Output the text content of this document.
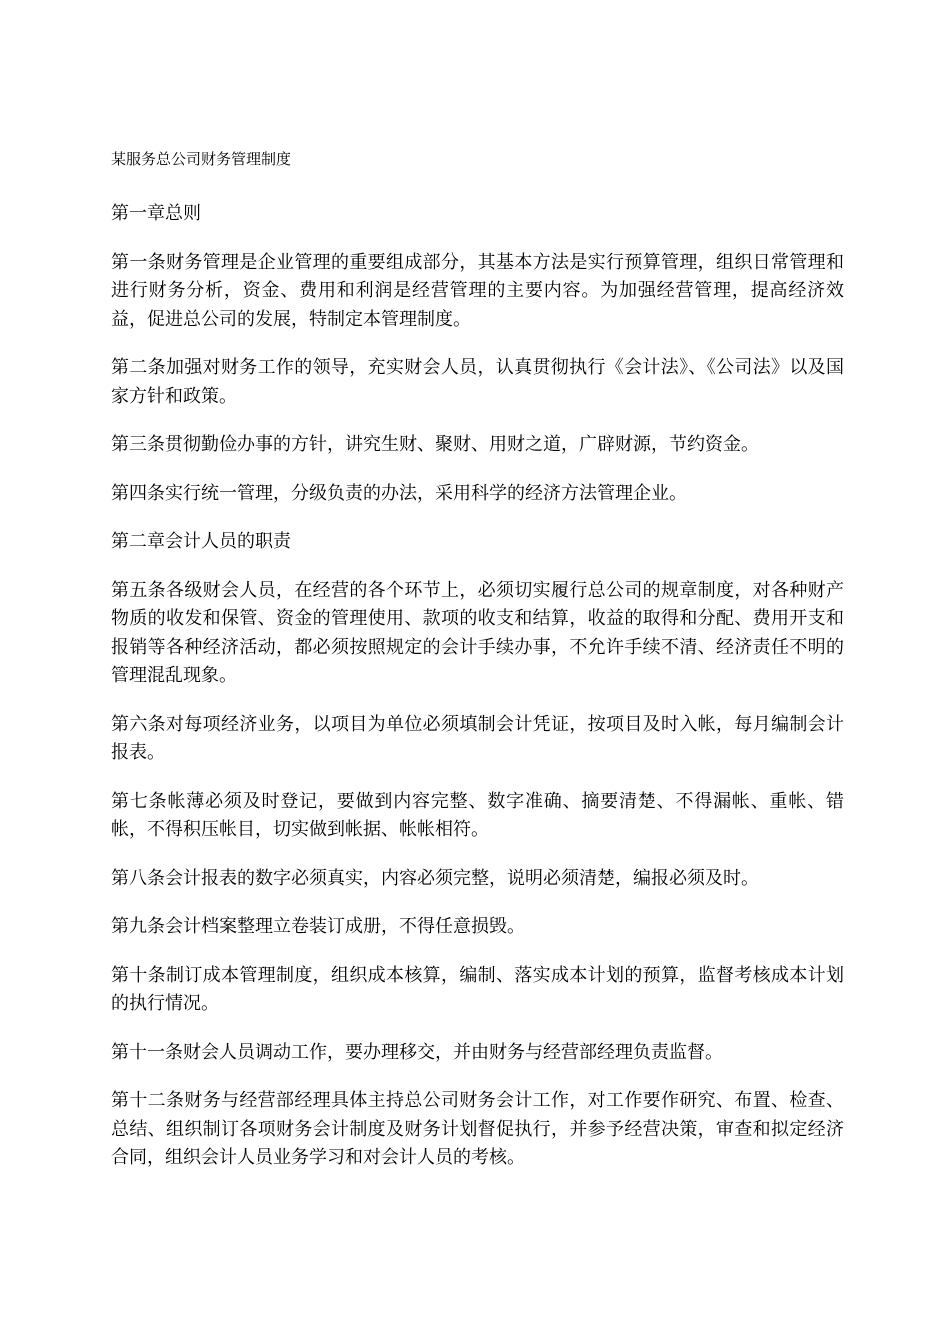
某服务总公司财务管理制度

第一章总则

第一条财务管理是企业管理的重要组成部分，其基本方法是实行预算管理，组织日常管理和进行财务分析，资金、费用和利润是经营管理的主要内容。为加强经营管理，提高经济效益，促进总公司的发展，特制定本管理制度。

第二条加强对财务工作的领导，充实财会人员，认真贯彻执行《会计法》、《公司法》以及国家方针和政策。

第三条贯彻勤俭办事的方针，讲究生财、聚财、用财之道，广辟财源，节约资金。

第四条实行统一管理，分级负责的办法，采用科学的经济方法管理企业。

第二章会计人员的职责

第五条各级财会人员，在经营的各个环节上，必须切实履行总公司的规章制度，对各种财产物质的收发和保管、资金的管理使用、款项的收支和结算，收益的取得和分配、费用开支和报销等各种经济活动，都必须按照规定的会计手续办事，不允许手续不清、经济责任不明的管理混乱现象。

第六条对每项经济业务，以项目为单位必须填制会计凭证，按项目及时入帐，每月编制会计报表。

第七条帐薄必须及时登记，要做到内容完整、数字准确、摘要清楚、不得漏帐、重帐、错帐，不得积压帐目，切实做到帐据、帐帐相符。

第八条会计报表的数字必须真实，内容必须完整，说明必须清楚，编报必须及时。

第九条会计档案整理立卷装订成册，不得任意损毁。

第十条制订成本管理制度，组织成本核算，编制、落实成本计划的预算，监督考核成本计划的执行情况。

第十一条财会人员调动工作，要办理移交，并由财务与经营部经理负责监督。

第十二条财务与经营部经理具体主持总公司财务会计工作，对工作要作研究、布置、检查、总结、组织制订各项财务会计制度及财务计划督促执行，并参予经营决策，审查和拟定经济合同，组织会计人员业务学习和对会计人员的考核。
